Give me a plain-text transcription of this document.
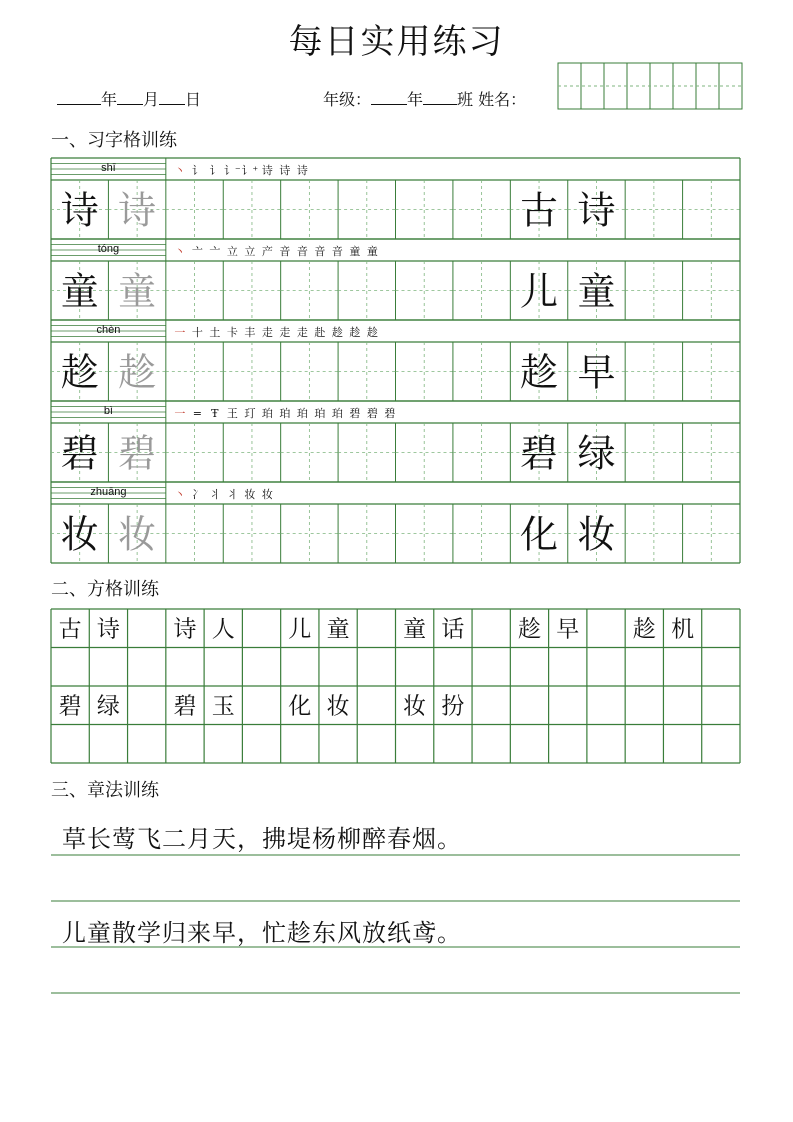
每日实用练习
年 月 日	年级： 年 班 姓名：
一、习字格训练
二、方格训练
三、章法训练
草长莺飞二月天，拂堤杨柳醉春烟。
儿童散学归来早，忙趁东风放纸鸢。
shī	丶 讠 讠 讠⁻ 讠⁺ 诗 诗 诗
诗 诗	古 诗
tóng	丶 亠 亠 立 立 产 音 音 音 音 童 童
童 童	儿 童
chèn	一 十 土 卡 丰 走 走 走 赴 趁 趁 趁
趁 趁	趁 早
bì	一 = Ŧ 王 玎 珀 珀 珀 珀 珀 碧 碧 碧
碧 碧	碧 绿
zhuāng	丶 冫 丬 丬 妆 妆
妆 妆	化 妆
古 诗 诗 人 儿 童 童 话 趁 早 趁 机
碧 绿 碧 玉 化 妆 妆 扮
